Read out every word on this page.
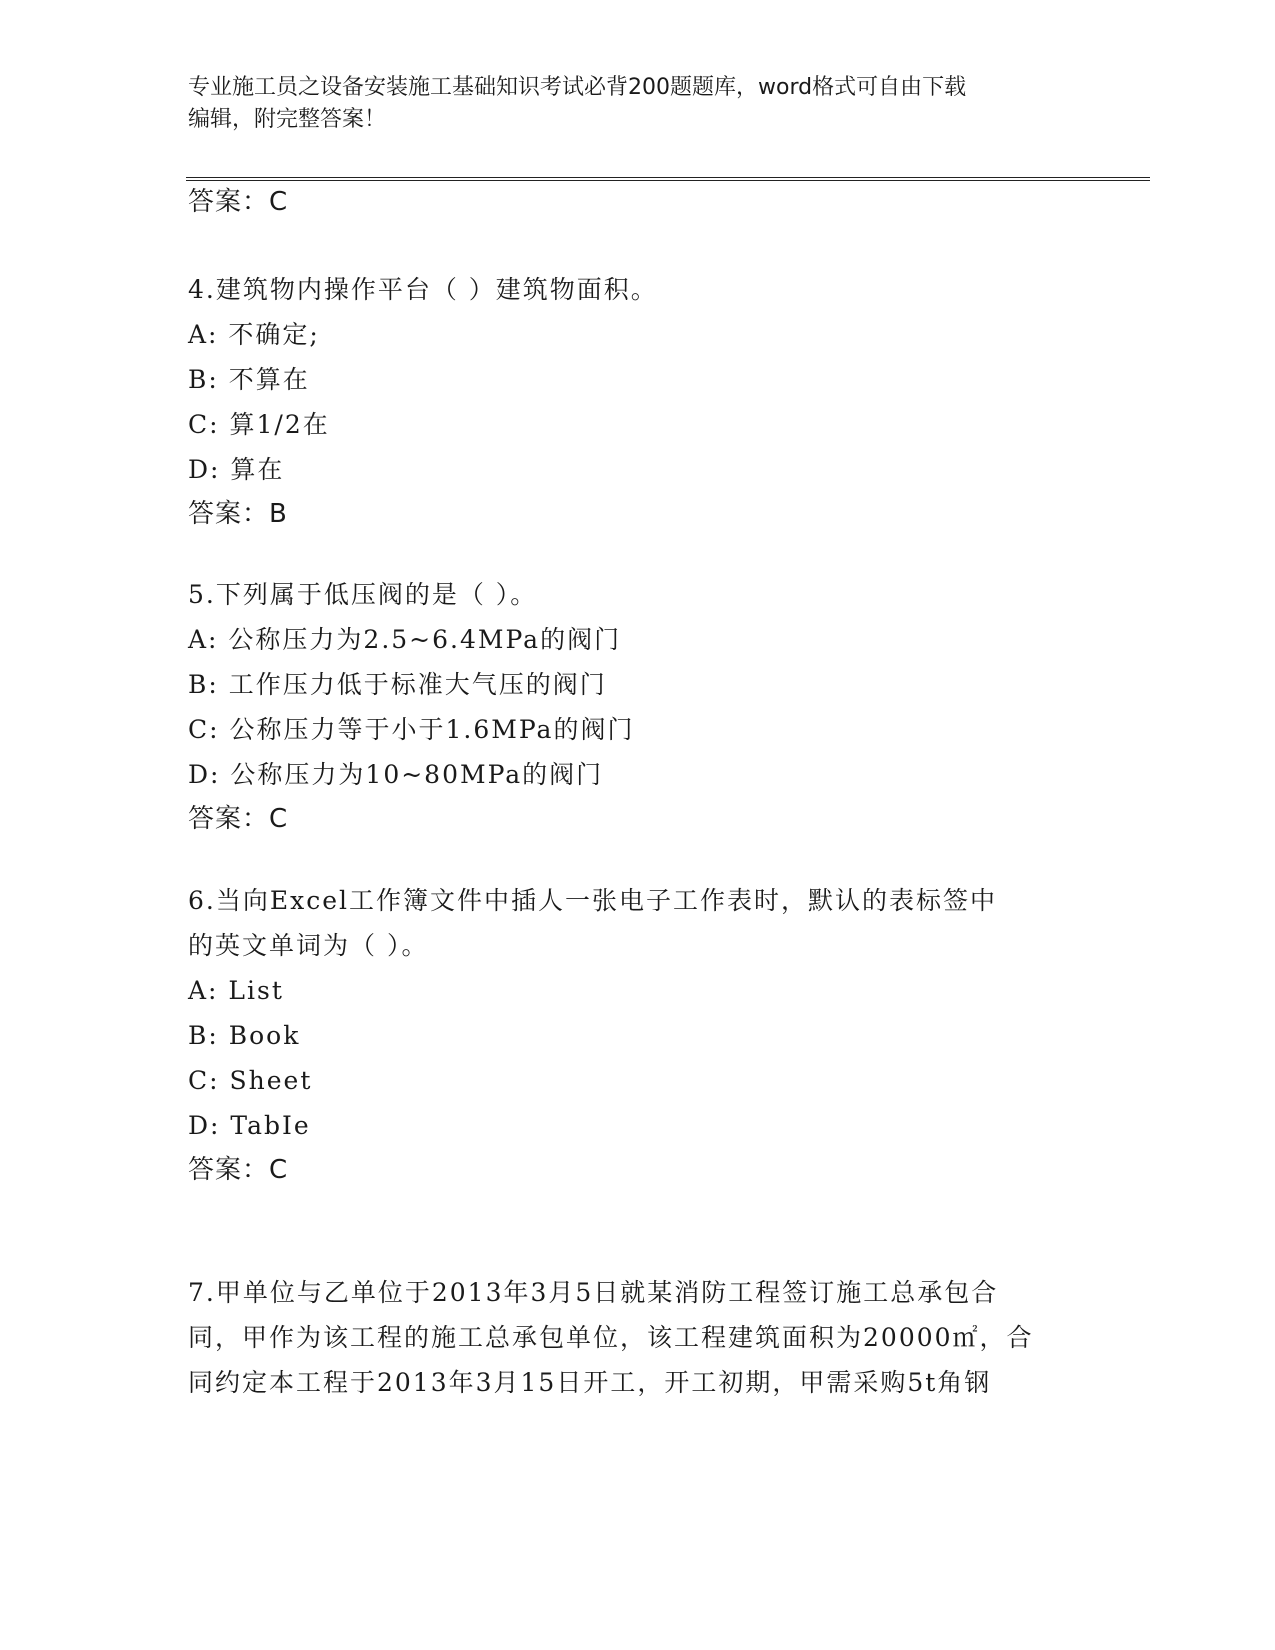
专业施工员之设备安装施工基础知识考试必背200题题库，word格式可自由下载
编辑，附完整答案！
答案：C
4.建筑物内操作平台（ ）建筑物面积。
A: 不确定;
B: 不算在
C: 算1/2在
D: 算在
答案：B
5.下列属于低压阀的是（ ）。
A: 公称压力为2.5~6.4MPa的阀门
B: 工作压力低于标准大气压的阀门
C: 公称压力等于小于1.6MPa的阀门
D: 公称压力为10~80MPa的阀门
答案：C
6.当向Excel工作簿文件中插人一张电子工作表时，默认的表标签中
的英文单词为（ ）。
A: List
B: Book
C: Sheet
D: TabIe
答案：C
7.甲单位与乙单位于2013年3月5日就某消防工程签订施工总承包合
同，甲作为该工程的施工总承包单位，该工程建筑面积为20000㎡，合
同约定本工程于2013年3月15日开工，开工初期，甲需采购5t角钢
